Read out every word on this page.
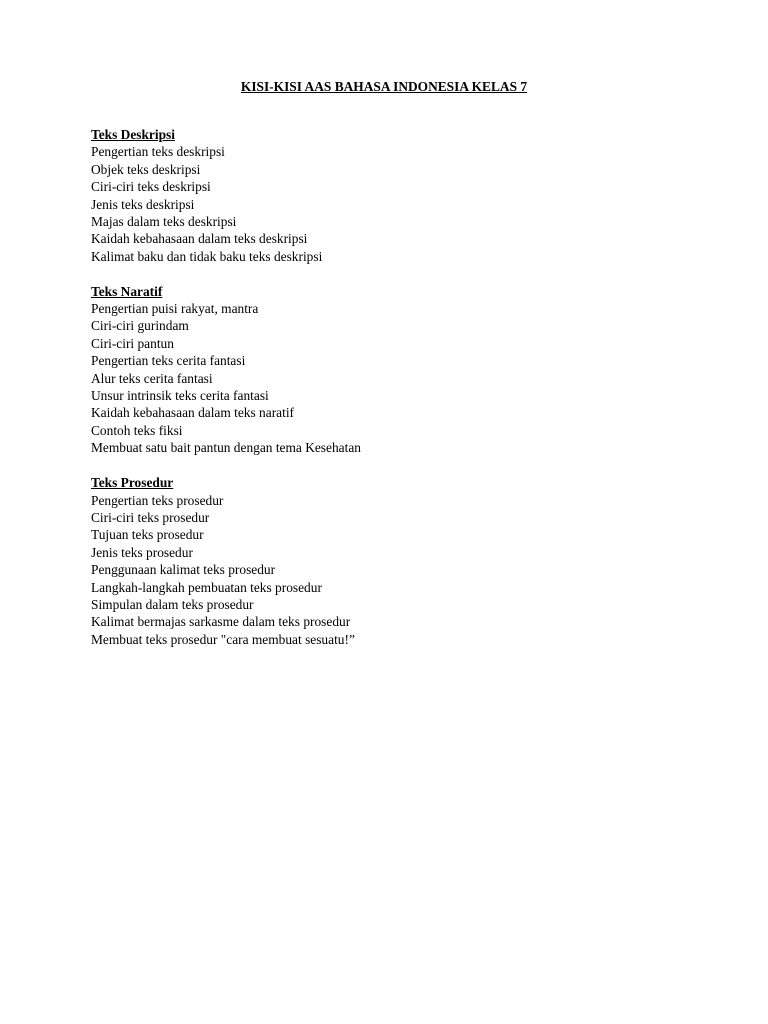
KISI-KISI AAS BAHASA INDONESIA KELAS 7

Teks Deskripsi

Pengertian teks deskripsi
Objek teks deskripsi
Ciri-ciri teks deskripsi
Jenis teks deskripsi
Majas dalam teks deskripsi
Kaidah kebahasaan dalam teks deskripsi
Kalimat baku dan tidak baku teks deskripsi

Teks Naratif

Pengertian puisi rakyat, mantra
Ciri-ciri gurindam
Ciri-ciri pantun
Pengertian teks cerita fantasi
Alur teks cerita fantasi
Unsur intrinsik teks cerita fantasi
Kaidah kebahasaan dalam teks naratif
Contoh teks fiksi
Membuat satu bait pantun dengan tema Kesehatan

Teks Prosedur

Pengertian teks prosedur
Ciri-ciri teks prosedur
Tujuan teks prosedur
Jenis teks prosedur
Penggunaan kalimat teks prosedur
Langkah-langkah pembuatan teks prosedur
Simpulan dalam teks prosedur
Kalimat bermajas sarkasme dalam teks prosedur
Membuat teks prosedur "cara membuat sesuatu!”
